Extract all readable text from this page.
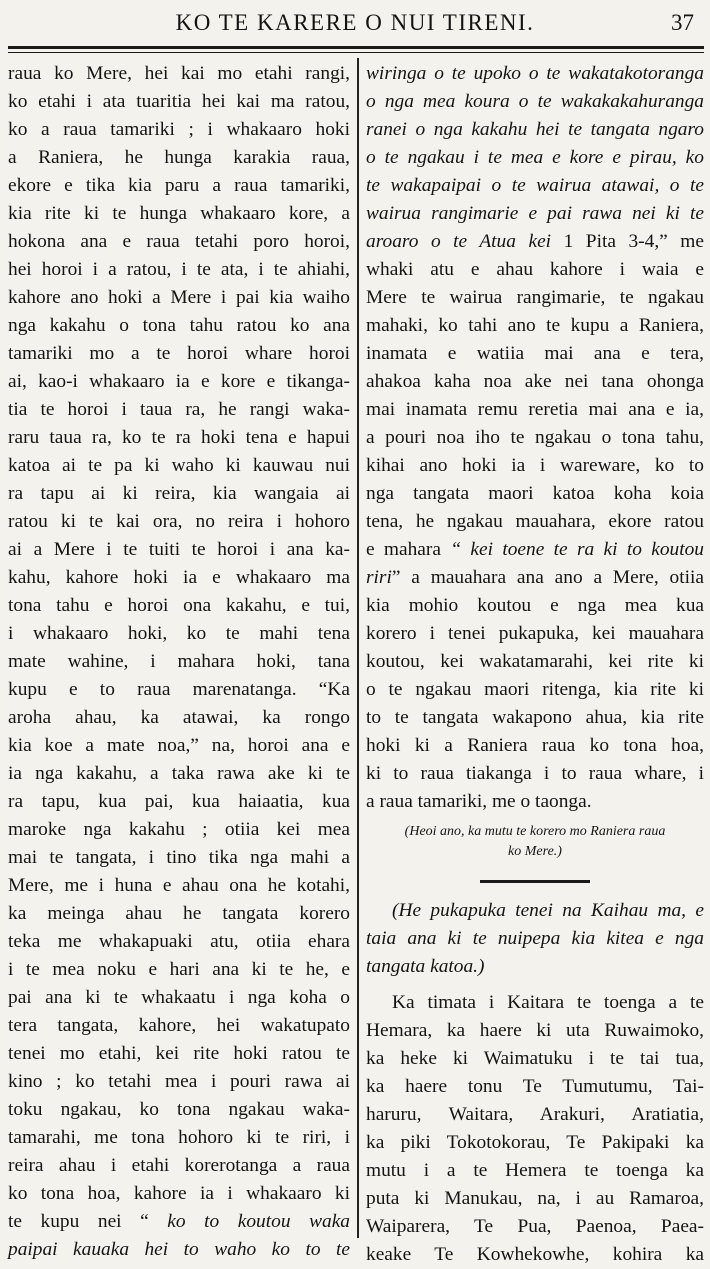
KO TE KARERE O NUI TIRENI.	37
raua ko Mere, hei kai mo etahi rangi,
ko etahi i ata tuaritia hei kai ma ratou,
ko a raua tamariki ; i whakaaro hoki
a Raniera, he hunga karakia raua,
ekore e tika kia paru a raua tamariki,
kia rite ki te hunga whakaaro kore, a
hokona ana e raua tetahi poro horoi,
hei horoi i a ratou, i te ata, i te ahiahi,
kahore ano hoki a Mere i pai kia waiho
nga kakahu o tona tahu ratou ko ana
tamariki mo a te horoi whare horoi
ai, kao-i whakaaro ia e kore e tikanga-
tia te horoi i taua ra, he rangi waka-
raru taua ra, ko te ra hoki tena e hapui
katoa ai te pa ki waho ki kauwau nui
ra tapu ai ki reira, kia wangaia ai
ratou ki te kai ora, no reira i hohoro
ai a Mere i te tuiti te horoi i ana ka-
kahu, kahore hoki ia e whakaaro ma
tona tahu e horoi ona kakahu, e tui,
i whakaaro hoki, ko te mahi tena
mate wahine, i mahara hoki, tana
kupu e to raua marenatanga. “Ka
aroha ahau, ka atawai, ka rongo
kia koe a mate noa,” na, horoi ana e
ia nga kakahu, a taka rawa ake ki te
ra tapu, kua pai, kua haiaatia, kua
maroke nga kakahu ; otiia kei mea
mai te tangata, i tino tika nga mahi a
Mere, me i huna e ahau ona he kotahi,
ka meinga ahau he tangata korero
teka me whakapuaki atu, otiia ehara
i te mea noku e hari ana ki te he, e
pai ana ki te whakaatu i nga koha o
tera tangata, kahore, hei wakatupato
tenei mo etahi, kei rite hoki ratou te
kino ; ko tetahi mea i pouri rawa ai
toku ngakau, ko tona ngakau waka-
tamarahi, me tona hohoro ki te riri, i
reira ahau i etahi korerotanga a raua
ko tona hoa, kahore ia i whakaaro ki
te kupu nei “ ko to koutou waka
paipai kauaka hei to waho ko to te
wiringa o te upoko o te wakatakotoranga
o nga mea koura o te wakakakahuranga
ranei o nga kakahu hei te tangata ngaro
o te ngakau i te mea e kore e pirau, ko
te wakapaipai o te wairua atawai, o te
wairua rangimarie e pai rawa nei ki te
aroaro o te Atua kei 1 Pita 3-4,” me
whaki atu e ahau kahore i waia e
Mere te wairua rangimarie, te ngakau
mahaki, ko tahi ano te kupu a Raniera,
inamata e watiia mai ana e tera,
ahakoa kaha noa ake nei tana ohonga
mai inamata remu reretia mai ana e ia,
a pouri noa iho te ngakau o tona tahu,
kihai ano hoki ia i wareware, ko to
nga tangata maori katoa koha koia
tena, he ngakau mauahara, ekore ratou
e mahara “ kei toene te ra ki to koutou
riri” a mauahara ana ano a Mere, otiia
kia mohio koutou e nga mea kua
korero i tenei pukapuka, kei mauahara
koutou, kei wakatamarahi, kei rite ki
o te ngakau maori ritenga, kia rite ki
to te tangata wakapono ahua, kia rite
hoki ki a Raniera raua ko tona hoa,
ki to raua tiakanga i to raua whare, i
a raua tamariki, me o taonga.
(Heoi ano, ka mutu te korero mo Raniera raua
ko Mere.)
(He pukapuka tenei na Kaihau ma, e
taia ana ki te nuipepa kia kitea e nga
tangata katoa.)
Ka timata i Kaitara te toenga a te
Hemara, ka haere ki uta Ruwaimoko,
ka heke ki Waimatuku i te tai tua,
ka haere tonu Te Tumutumu, Tai-
haruru, Waitara, Arakuri, Aratiatia,
ka piki Tokotokorau, Te Pakipaki ka
mutu i a te Hemera te toenga ka
puta ki Manukau, na, i au Ramaroa,
Waiparera, Te Pua, Paenoa, Paea-
keake Te Kowhekowhe, kohira ka
